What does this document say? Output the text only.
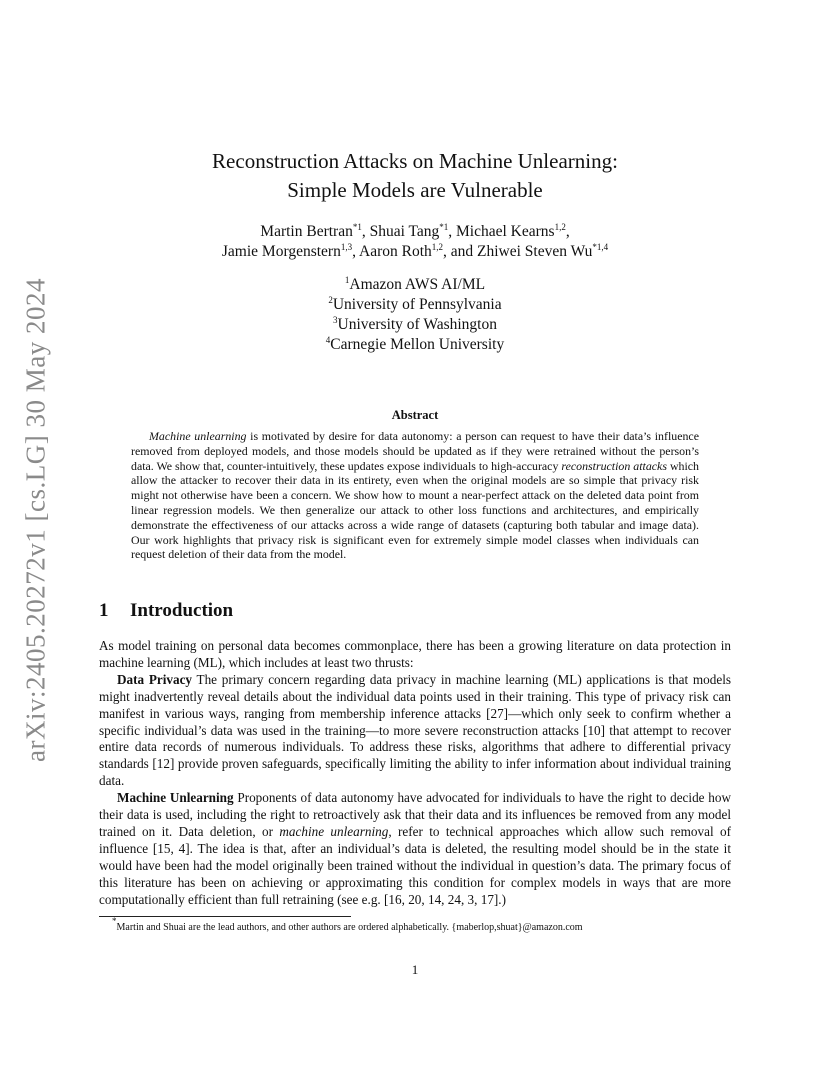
arXiv:2405.20272v1 [cs.LG] 30 May 2024
Reconstruction Attacks on Machine Unlearning:
Simple Models are Vulnerable
Martin Bertran$^{*1}$, Shuai Tang$^{*1}$, Michael Kearns$^{1,2}$,
Jamie Morgenstern$^{1,3}$, Aaron Roth$^{1,2}$, and Zhiwei Steven Wu$^{*1,4}$
$^1$Amazon AWS AI/ML
$^2$University of Pennsylvania
$^3$University of Washington
$^4$Carnegie Mellon University
Abstract

Machine unlearning is motivated by desire for data autonomy: a person can request to have their data’s influence removed from deployed models, and those models should be updated as if they were retrained without the person’s data. We show that, counter-intuitively, these updates expose individuals to high-accuracy reconstruction attacks which allow the attacker to recover their data in its entirety, even when the original models are so simple that privacy risk might not otherwise have been a concern. We show how to mount a near-perfect attack on the deleted data point from linear regression models. We then generalize our attack to other loss functions and architectures, and empirically demonstrate the effectiveness of our attacks across a wide range of datasets (capturing both tabular and image data). Our work highlights that privacy risk is significant even for extremely simple model classes when individuals can request deletion of their data from the model.

1 Introduction

As model training on personal data becomes commonplace, there has been a growing literature on data protection in machine learning (ML), which includes at least two thrusts:

Data Privacy The primary concern regarding data privacy in machine learning (ML) applications is that models might inadvertently reveal details about the individual data points used in their training. This type of privacy risk can manifest in various ways, ranging from membership inference attacks [27]—which only seek to confirm whether a specific individual’s data was used in the training—to more severe reconstruction attacks [10] that attempt to recover entire data records of numerous individuals. To address these risks, algorithms that adhere to differential privacy standards [12] provide proven safeguards, specifically limiting the ability to infer information about individual training data.

Machine Unlearning Proponents of data autonomy have advocated for individuals to have the right to decide how their data is used, including the right to retroactively ask that their data and its influences be removed from any model trained on it. Data deletion, or machine unlearning, refer to technical approaches which allow such removal of influence [15, 4]. The idea is that, after an individual’s data is deleted, the resulting model should be in the state it would have been had the model originally been trained without the individual in question’s data. The primary focus of this literature has been on achieving or approximating this condition for complex models in ways that are more computationally efficient than full retraining (see e.g. [16, 20, 14, 24, 3, 17].)

*Martin and Shuai are the lead authors, and other authors are ordered alphabetically. {maberlop,shuat}@amazon.com
1
